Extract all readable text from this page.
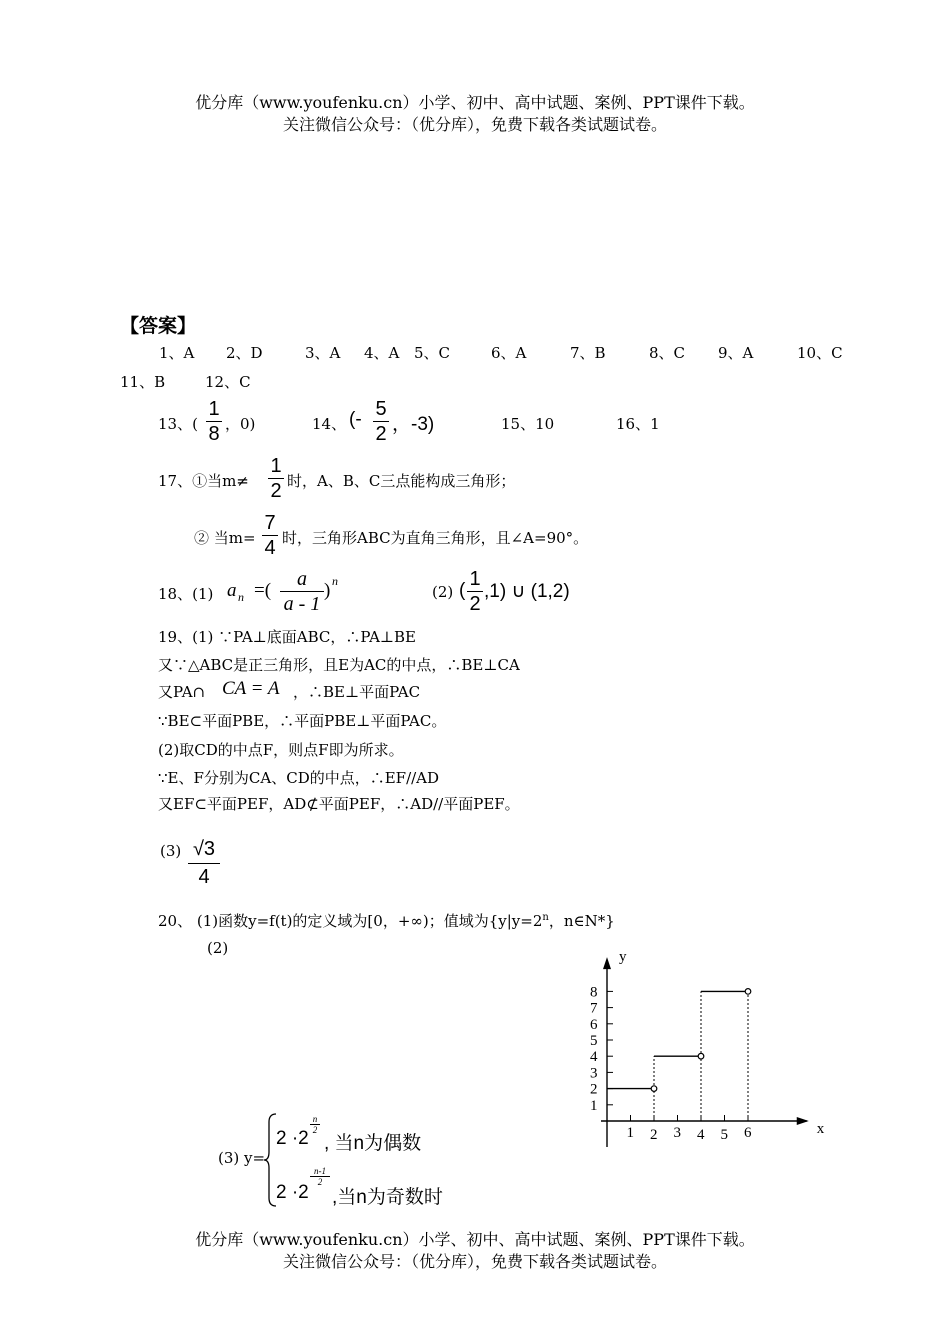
优分库（www.youfenku.cn）小学、初中、高中试题、案例、PPT课件下载。
关注微信公众号：（优分库），免费下载各类试题试卷。
【答案】
1、A 2、D	3、A 4、A 5、C	6、A	7、B	8、C 9、A	10、C
11、B	12、C
13、(
1
8 ，0)	14、 (- 5
2 ，-3)	15、10	16、1
17、①当m≠
1
2 时，A、B、C三点能构成三角形；
② 当m=
7
4 时，三角形ABC为直角三角形，且∠A=90°。
18、(1) a n =(
a
a - 1
) n
(2) (
1
2
,1) ∪ (1,2)
19、(1) ∵PA⊥底面ABC，∴PA⊥BE
又∵△ABC是正三角形，且E为AC的中点，∴BE⊥CA
又PA∩ CA = A ，∴BE⊥平面PAC
∵BE⊂平面PBE，∴平面PBE⊥平面PAC。
(2)取CD的中点F，则点F即为所求。
∵E、F分别为CA、CD的中点，∴EF//AD
又EF⊂平面PEF，AD⊄平面PEF，∴AD//平面PEF。
(3) √3
4
20、 (1)函数y=f(t)的定义域为[0，+∞)；值域为{$y|y=2^n$，n∈N*}
(2)
y
x
1
2
3
4
5
6
7
8
1 2 3 4	6
5
(3) y=
2 ·2
$\frac{n}{2}$
, 当n为偶数
2 ·2
$\frac{n-1}{2}$
,当n为奇数时
优分库（www.youfenku.cn）小学、初中、高中试题、案例、PPT课件下载。
关注微信公众号：（优分库），免费下载各类试题试卷。
